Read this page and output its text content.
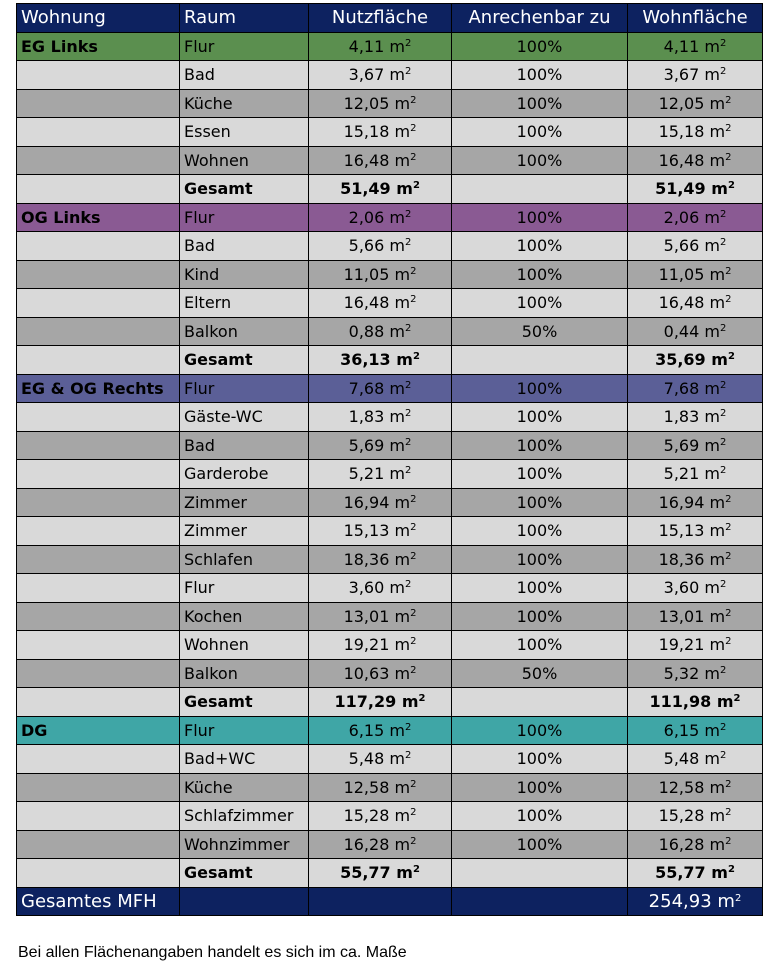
Wohnung	Raum	Nutzfläche	Anrechenbar zu	Wohnfläche
EG Links	Flur	4,11 $m^2$	100%	4,11 $m^2$
	Bad	3,67 $m^2$	100%	3,67 $m^2$
	Küche	12,05 $m^2$	100%	12,05 $m^2$
	Essen	15,18 $m^2$	100%	15,18 $m^2$
	Wohnen	16,48 $m^2$	100%	16,48 $m^2$
	Gesamt	51,49 $m^2$		51,49 $m^2$
OG Links	Flur	2,06 $m^2$	100%	2,06 $m^2$
	Bad	5,66 $m^2$	100%	5,66 $m^2$
	Kind	11,05 $m^2$	100%	11,05 $m^2$
	Eltern	16,48 $m^2$	100%	16,48 $m^2$
	Balkon	0,88 $m^2$	50%	0,44 $m^2$
	Gesamt	36,13 $m^2$		35,69 $m^2$
EG & OG Rechts	Flur	7,68 $m^2$	100%	7,68 $m^2$
	Gäste-WC	1,83 $m^2$	100%	1,83 $m^2$
	Bad	5,69 $m^2$	100%	5,69 $m^2$
	Garderobe	5,21 $m^2$	100%	5,21 $m^2$
	Zimmer	16,94 $m^2$	100%	16,94 $m^2$
	Zimmer	15,13 $m^2$	100%	15,13 $m^2$
	Schlafen	18,36 $m^2$	100%	18,36 $m^2$
	Flur	3,60 $m^2$	100%	3,60 $m^2$
	Kochen	13,01 $m^2$	100%	13,01 $m^2$
	Wohnen	19,21 $m^2$	100%	19,21 $m^2$
	Balkon	10,63 $m^2$	50%	5,32 $m^2$
	Gesamt	117,29 $m^2$		111,98 $m^2$
DG	Flur	6,15 $m^2$	100%	6,15 $m^2$
	Bad+WC	5,48 $m^2$	100%	5,48 $m^2$
	Küche	12,58 $m^2$	100%	12,58 $m^2$
	Schlafzimmer	15,28 $m^2$	100%	15,28 $m^2$
	Wohnzimmer	16,28 $m^2$	100%	16,28 $m^2$
	Gesamt	55,77 $m^2$		55,77 $m^2$
Gesamtes MFH				254,93 $m^2$
Bei allen Flächenangaben handelt es sich im ca. Maße
